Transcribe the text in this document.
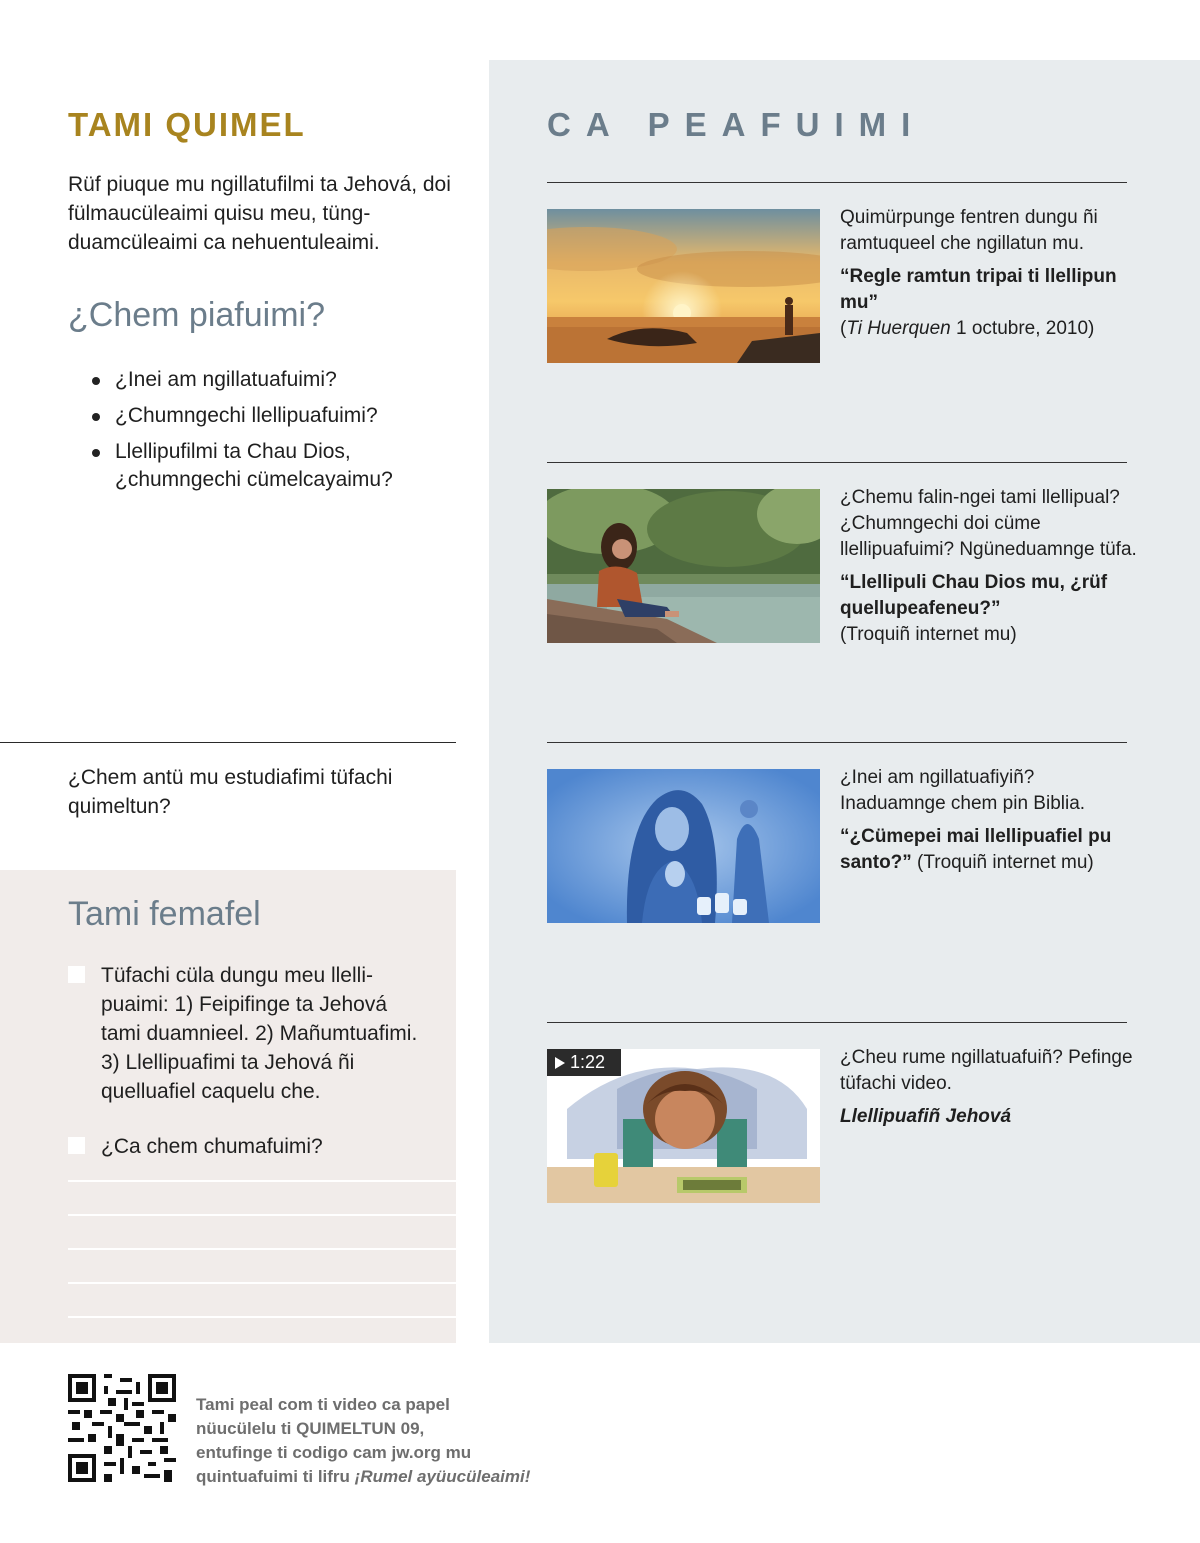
TAMI QUIMEL

Rüf piuque mu ngillatufilmi ta Jehová, doi fülmaucüleaimi quisu meu, tüngduamcüleaimi ca nehuentuleaimi.

¿Chem piafuimi?
¿Inei am ngillatuafuimi?
¿Chumngechi llellipuafuimi?
Llellipufilmi ta Chau Dios, ¿chumngechi cümelcayaimu?

¿Chem antü mu estudiafimi tüfachi quimeltun?

Tami femafel
Tüfachi cüla dungu meu llellipuaimi: 1) Feipifinge ta Jehová tami duamnieel. 2) Mañumtuafimi. 3) Llellipuafimi ta Jehová ñi quelluafiel caquelu che.
¿Ca chem chumafuimi?
CA PEAFUIMI

Quimürpunge fentren dungu ñi ramtuqueel che ngillatun mu.

“Regle ramtun tripai ti llellipun mu”

(Ti Huerquen 1 octubre, 2010)

¿Chemu falin-ngei tami llellipual? ¿Chumngechi doi cüme llellipuafuimi? Ngüneduamnge tüfa.

“Llellipuli Chau Dios mu, ¿rüf quellupeafeneu?”

(Troquiñ internet mu)

¿Inei am ngillatuafiyiñ? Inaduamnge chem pin Biblia.

“¿Cümepei mai llellipuafiel pu santo?” (Troquiñ internet mu)

1:22	¿Cheu rume ngillatuafuiñ? Pefinge tüfachi video.

Llellipuafiñ Jehová

Tami peal com ti video ca papel

nüucülelu ti QUIMELTUN 09,

entufinge ti codigo cam jw.org mu

quintuafuimi ti lifru ¡Rumel ayüucüleaimi!
